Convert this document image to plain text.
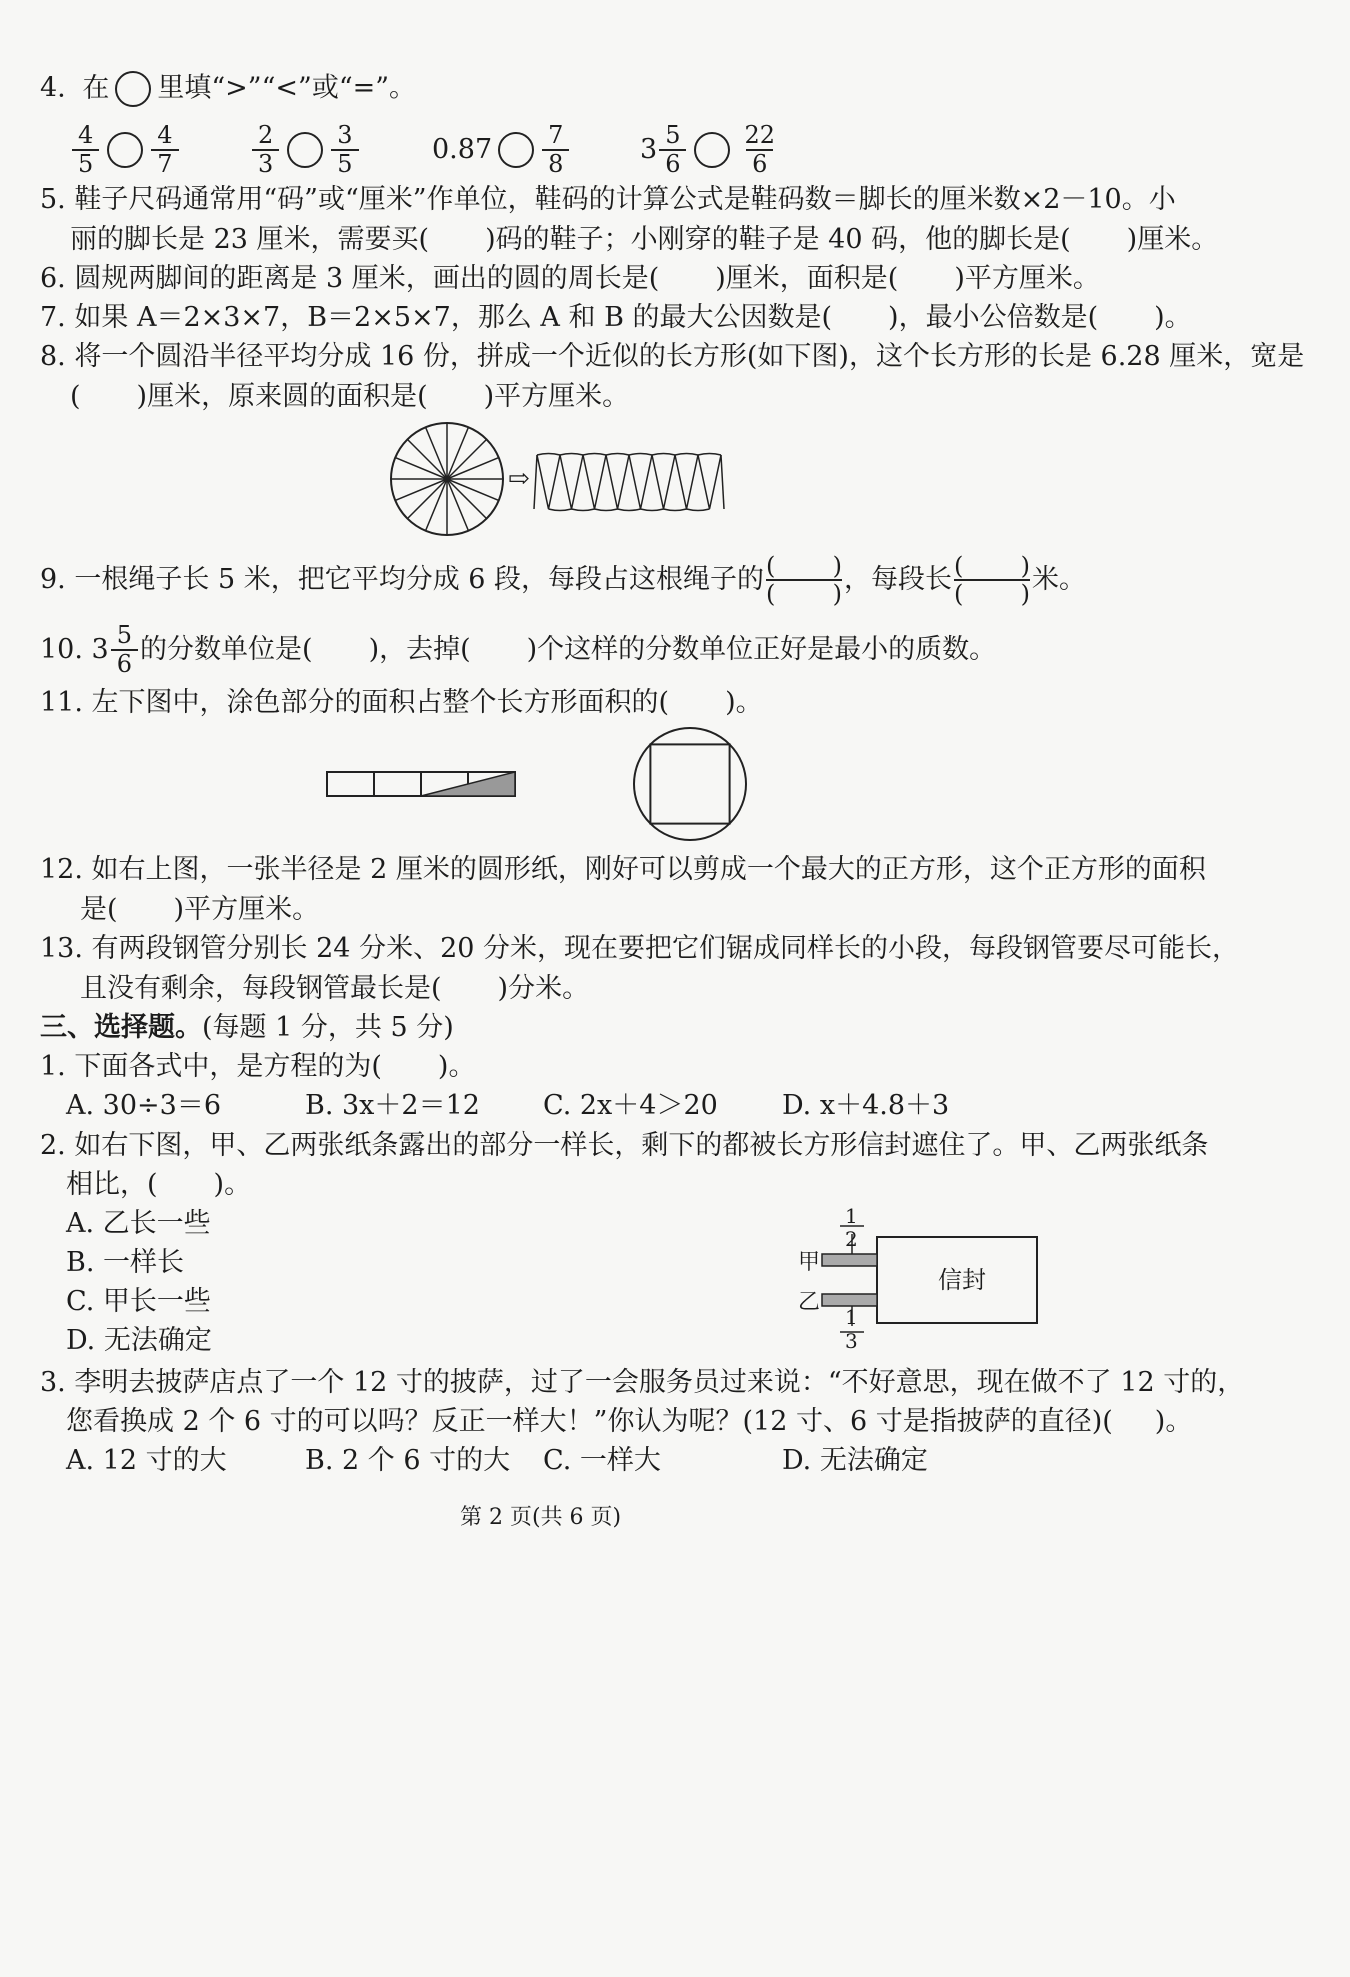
4. 在 里填“>”“<”或“=”。
4
5
4
7
2
3
3
5	0.87 7
8	3 5
6
22
6
5. 鞋子尺码通常用“码”或“厘米”作单位，鞋码的计算公式是鞋码数＝脚长的厘米数×2－10。小
丽的脚长是 23 厘米，需要买( )码的鞋子；小刚穿的鞋子是 40 码，他的脚长是( )厘米。
6. 圆规两脚间的距离是 3 厘米，画出的圆的周长是( )厘米，面积是( )平方厘米。
7. 如果 A＝2×3×7，B＝2×5×7，那么 A 和 B 的最大公因数是( )，最小公倍数是( )。
8. 将一个圆沿半径平均分成 16 份，拼成一个近似的长方形(如下图)，这个长方形的长是 6.28 厘米，宽是
( )厘米，原来圆的面积是( )平方厘米。
⇨
9.
一根绳子长 5 米，把它平均分成 6 段，每段占这根绳子的 ( )
( ) ，每段长 ( )
( ) 米。
10.
3 5
6 的分数单位是( )，去掉( )个这样的分数单位正好是最小的质数。
11. 左下图中，涂色部分的面积占整个长方形面积的( )。
12. 如右上图，一张半径是 2 厘米的圆形纸，刚好可以剪成一个最大的正方形，这个正方形的面积
是( )平方厘米。
13. 有两段钢管分别长 24 分米、20 分米，现在要把它们锯成同样长的小段，每段钢管要尽可能长，
且没有剩余，每段钢管最长是( )分米。
三、选择题。(每题 1 分，共 5 分)
1. 下面各式中，是方程的为( )。
A. 30÷3＝6	B. 3x＋2＝12 C. 2x＋4＞20 D. x＋4.8＋3
2. 如右下图，甲、乙两张纸条露出的部分一样长，剩下的都被长方形信封遮住了。甲、乙两张纸条
相比，( )。
A. 乙长一些
B. 一样长
C. 甲长一些
D. 无法确定
1
2
1
3
甲
乙
信封
3. 李明去披萨店点了一个 12 寸的披萨，过了一会服务员过来说：“不好意思，现在做不了 12 寸的，
您看换成 2 个 6 寸的可以吗？反正一样大！”你认为呢？(12 寸、6 寸是指披萨的直径)( )。
A. 12 寸的大	B. 2 个 6 寸的大 C. 一样大	D. 无法确定
第 2 页(共 6 页)
